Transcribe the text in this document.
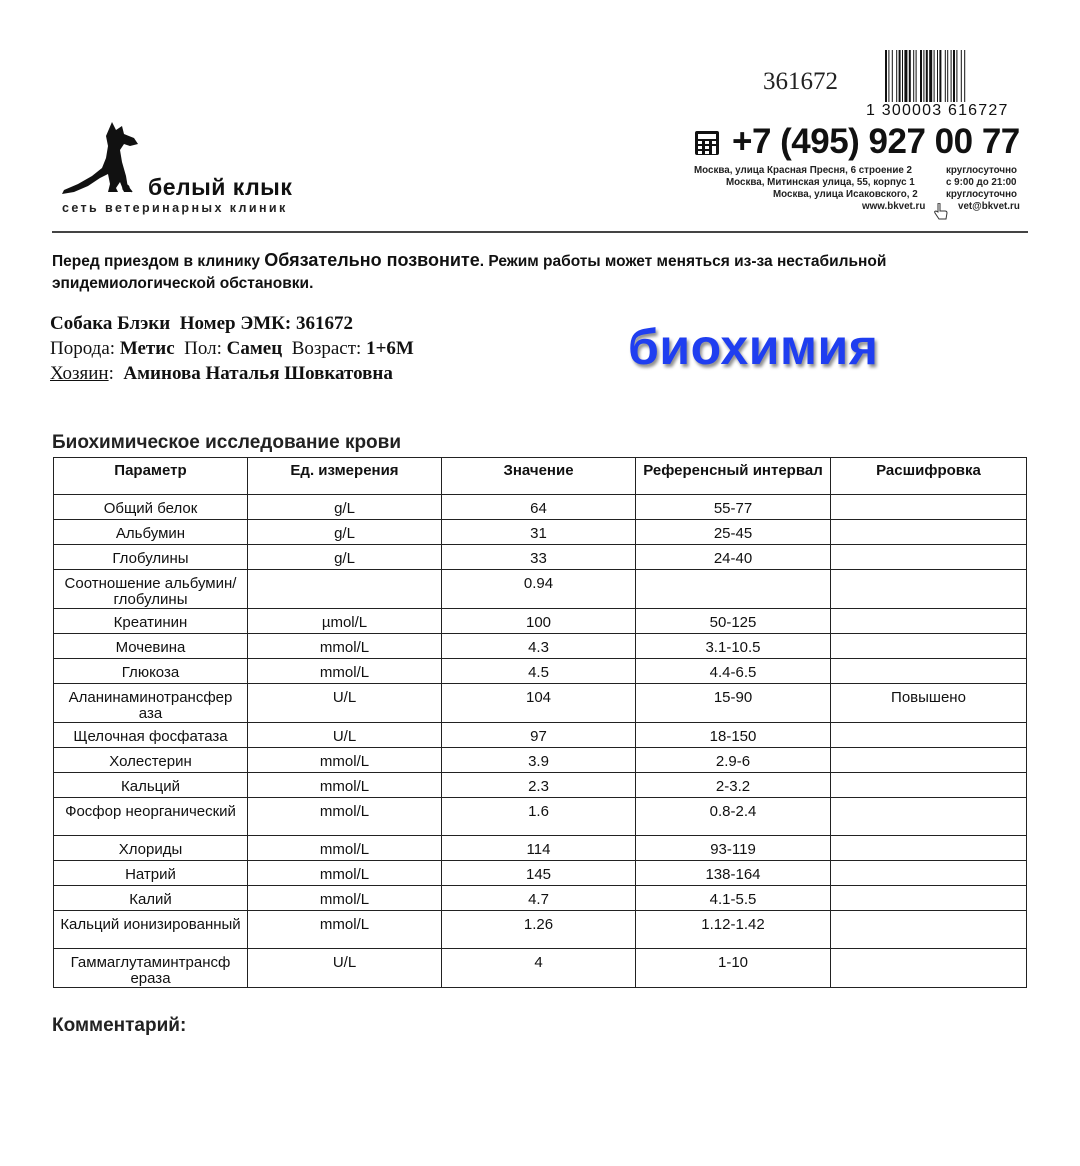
361672
1 300003 616727
белый клык
сеть ветеринарных клиник
+7 (495) 927 00 77
Москва, улица Красная Пресня, 6 строение 2
Москва, Митинская улица, 55, корпус 1
Москва, улица Исаковского, 2
www.bkvet.ru
круглосуточно
с 9:00 до 21:00
круглосуточно
vet@bkvet.ru
Перед приездом в клинику Обязательно позвоните. Режим работы может меняться из-за нестабильной эпидемиологической обстановки.
Собака Блэки Номер ЭМК: 361672
Порода: Метис Пол: Самец Возраст: 1+6М
Хозяин:  Аминова Наталья Шовкатовна	биохимия
Биохимическое исследование крови
Параметр	Ед. измерения	Значение	Референсный интервал	Расшифровка
Общий белок	g/L	64	55-77	
Альбумин	g/L	31	25-45	
Глобулины	g/L	33	24-40	
Соотношение альбумин/глобулины		0.94		
Креатинин	µmol/L	100	50-125	
Мочевина	mmol/L	4.3	3.1-10.5	
Глюкоза	mmol/L	4.5	4.4-6.5	
Аланинаминотрансфер аза	U/L	104	15-90	Повышено
Щелочная фосфатаза	U/L	97	18-150	
Холестерин	mmol/L	3.9	2.9-6	
Кальций	mmol/L	2.3	2-3.2	
Фосфор неорганический	mmol/L	1.6	0.8-2.4	
Хлориды	mmol/L	114	93-119	
Натрий	mmol/L	145	138-164	
Калий	mmol/L	4.7	4.1-5.5	
Кальций ионизированный	mmol/L	1.26	1.12-1.42	
Гаммаглутаминтрансф ераза	U/L	4	1-10	
Комментарий:
